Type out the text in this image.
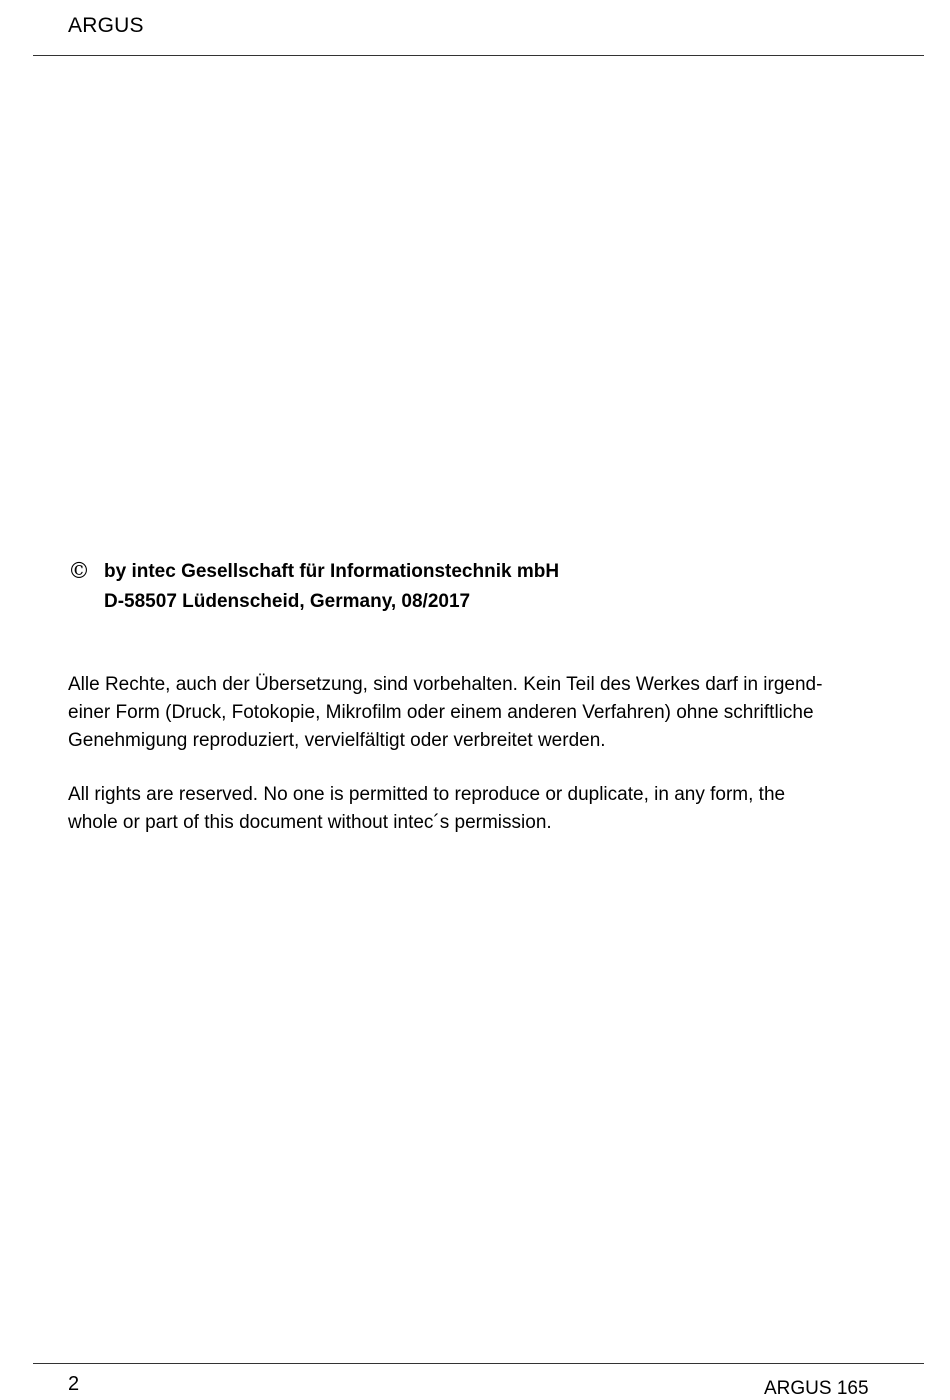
ARGUS
© by intec Gesellschaft für Informationstechnik mbH
D-58507 Lüdenscheid, Germany, 08/2017

Alle Rechte, auch der Übersetzung, sind vorbehalten. Kein Teil des Werkes darf in irgend-
einer Form (Druck, Fotokopie, Mikrofilm oder einem anderen Verfahren) ohne schriftliche
Genehmigung reproduziert, vervielfältigt oder verbreitet werden.

All rights are reserved. No one is permitted to reproduce or duplicate, in any form, the
whole or part of this document without intec´s permission.

2	ARGUS 165
